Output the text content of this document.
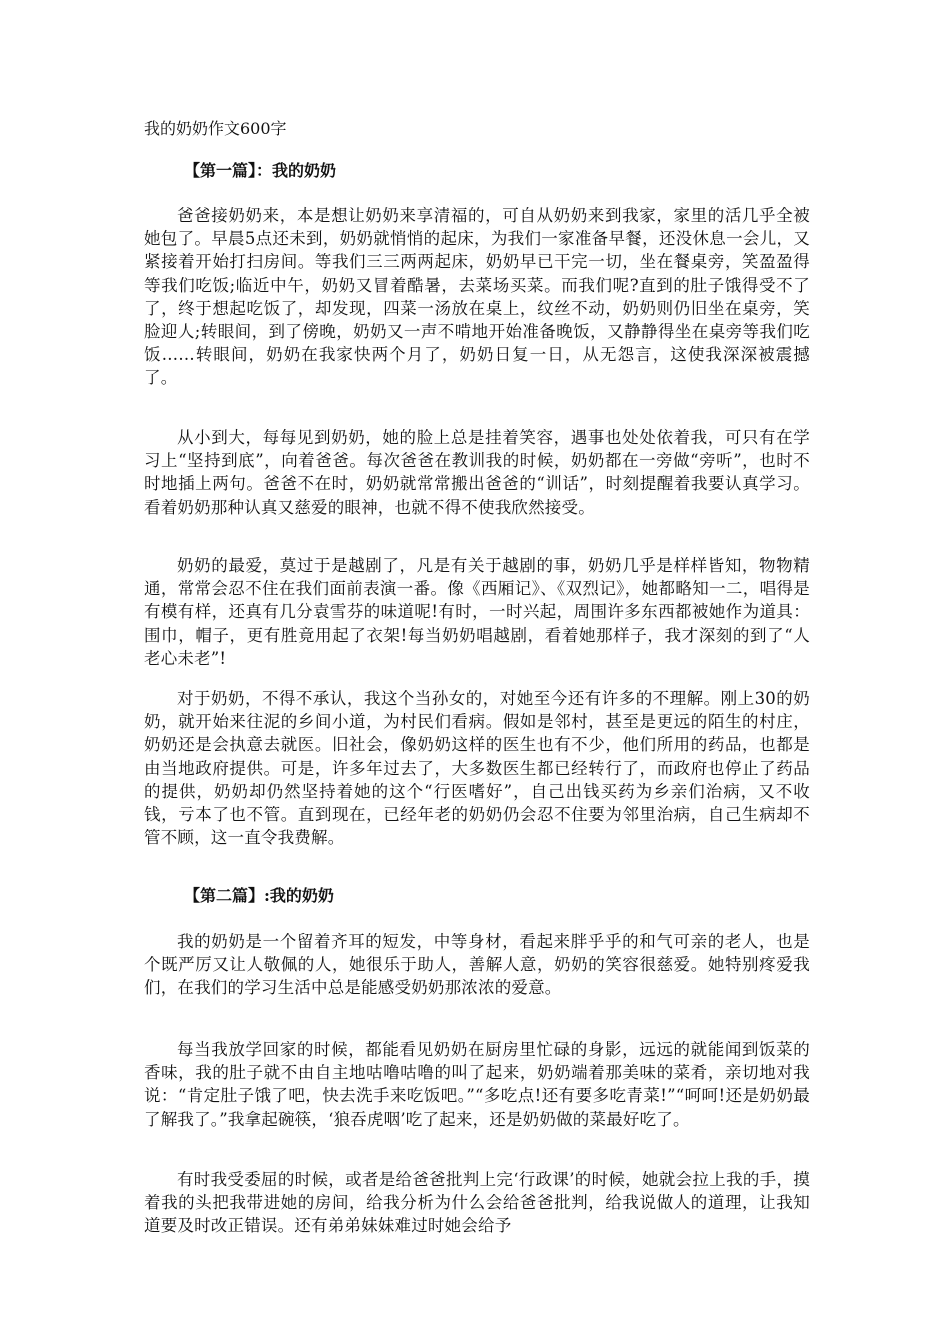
我的奶奶作文600字
【第一篇】：我的奶奶

爸爸接奶奶来，本是想让奶奶来享清福的，可自从奶奶来到我家，家里的活几乎全被她包了。早晨5点还未到，奶奶就悄悄的起床，为我们一家准备早餐，还没休息一会儿，又紧接着开始打扫房间。等我们三三两两起床，奶奶早已干完一切，坐在餐桌旁，笑盈盈得等我们吃饭;临近中午，奶奶又冒着酷暑，去菜场买菜。而我们呢?直到的肚子饿得受不了了，终于想起吃饭了，却发现，四菜一汤放在桌上，纹丝不动，奶奶则仍旧坐在桌旁，笑脸迎人;转眼间，到了傍晚，奶奶又一声不啃地开始准备晚饭，又静静得坐在桌旁等我们吃饭……转眼间，奶奶在我家快两个月了，奶奶日复一日，从无怨言，这使我深深被震撼了。

从小到大，每每见到奶奶，她的脸上总是挂着笑容，遇事也处处依着我，可只有在学习上“坚持到底”，向着爸爸。每次爸爸在教训我的时候，奶奶都在一旁做“旁听”，也时不时地插上两句。爸爸不在时，奶奶就常常搬出爸爸的“训话”，时刻提醒着我要认真学习。看着奶奶那种认真又慈爱的眼神，也就不得不使我欣然接受。

奶奶的最爱，莫过于是越剧了，凡是有关于越剧的事，奶奶几乎是样样皆知，物物精通，常常会忍不住在我们面前表演一番。像《西厢记》、《双烈记》，她都略知一二，唱得是有模有样，还真有几分袁雪芬的味道呢!有时，一时兴起，周围许多东西都被她作为道具：围巾，帽子，更有胜竟用起了衣架!每当奶奶唱越剧，看着她那样子，我才深刻的到了“人老心未老”!

对于奶奶，不得不承认，我这个当孙女的，对她至今还有许多的不理解。刚上30的奶奶，就开始来往泥的乡间小道，为村民们看病。假如是邻村，甚至是更远的陌生的村庄，奶奶还是会执意去就医。旧社会，像奶奶这样的医生也有不少，他们所用的药品，也都是由当地政府提供。可是，许多年过去了，大多数医生都已经转行了，而政府也停止了药品的提供，奶奶却仍然坚持着她的这个“行医嗜好”，自己出钱买药为乡亲们治病，又不收钱，亏本了也不管。直到现在，已经年老的奶奶仍会忍不住要为邻里治病，自己生病却不管不顾，这一直令我费解。

【第二篇】:我的奶奶

我的奶奶是一个留着齐耳的短发，中等身材，看起来胖乎乎的和气可亲的老人，也是个既严厉又让人敬佩的人，她很乐于助人，善解人意，奶奶的笑容很慈爱。她特别疼爱我们，在我们的学习生活中总是能感受奶奶那浓浓的爱意。

每当我放学回家的时候，都能看见奶奶在厨房里忙碌的身影，远远的就能闻到饭菜的香味，我的肚子就不由自主地咕噜咕噜的叫了起来，奶奶端着那美味的菜肴，亲切地对我说：“肯定肚子饿了吧，快去洗手来吃饭吧。”“多吃点!还有要多吃青菜!”“呵呵!还是奶奶最了解我了。”我拿起碗筷，‘狼吞虎咽’吃了起来，还是奶奶做的菜最好吃了。

有时我受委屈的时候，或者是给爸爸批判上完‘行政课’的时候，她就会拉上我的手，摸着我的头把我带进她的房间，给我分析为什么会给爸爸批判，给我说做人的道理，让我知道要及时改正错误。还有弟弟妹妹难过时她会给予
